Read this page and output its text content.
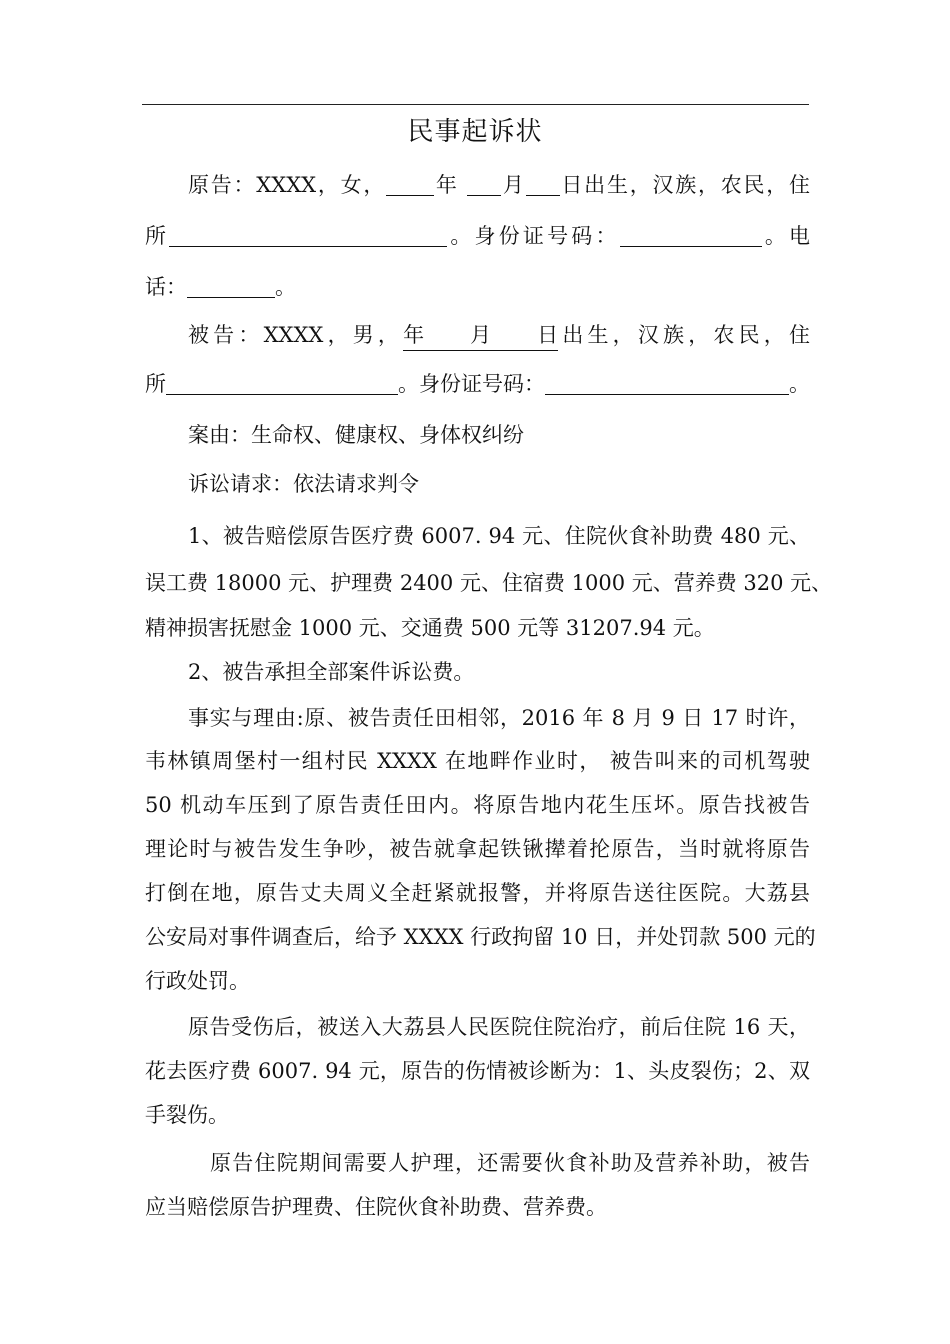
民事起诉状
原告：XXXX，女， 年 月 日出生，汉族，农民，住
所	。身份证号码：	。电
话：	。
被告：XXXX，男，年 月 日出生，汉族，农民，住
所	。身份证号码：	。
案由：生命权、健康权、身体权纠纷
诉讼请求：依法请求判令
1、被告赔偿原告医疗费 6007. 94 元、住院伙食补助费 480 元、
误工费 18000 元、护理费 2400 元、住宿费 1000 元、营养费 320 元、
精神损害抚慰金 1000 元、交通费 500 元等 31207.94 元。
2、被告承担全部案件诉讼费。
事实与理由:原、被告责任田相邻，2016 年 8 月 9 日 17 时许，
韦林镇周堡村一组村民 XXXX 在地畔作业时， 被告叫来的司机驾驶
50 机动车压到了原告责任田内。将原告地内花生压坏。原告找被告
理论时与被告发生争吵，被告就拿起铁锹撵着抡原告，当时就将原告
打倒在地，原告丈夫周义全赶紧就报警，并将原告送往医院。大荔县
公安局对事件调查后，给予 XXXX 行政拘留 10 日，并处罚款 500 元的
行政处罚。
原告受伤后，被送入大荔县人民医院住院治疗，前后住院 16 天，
花去医疗费 6007. 94 元，原告的伤情被诊断为：1、头皮裂伤；2、双
手裂伤。
原告住院期间需要人护理，还需要伙食补助及营养补助，被告
应当赔偿原告护理费、住院伙食补助费、营养费。
